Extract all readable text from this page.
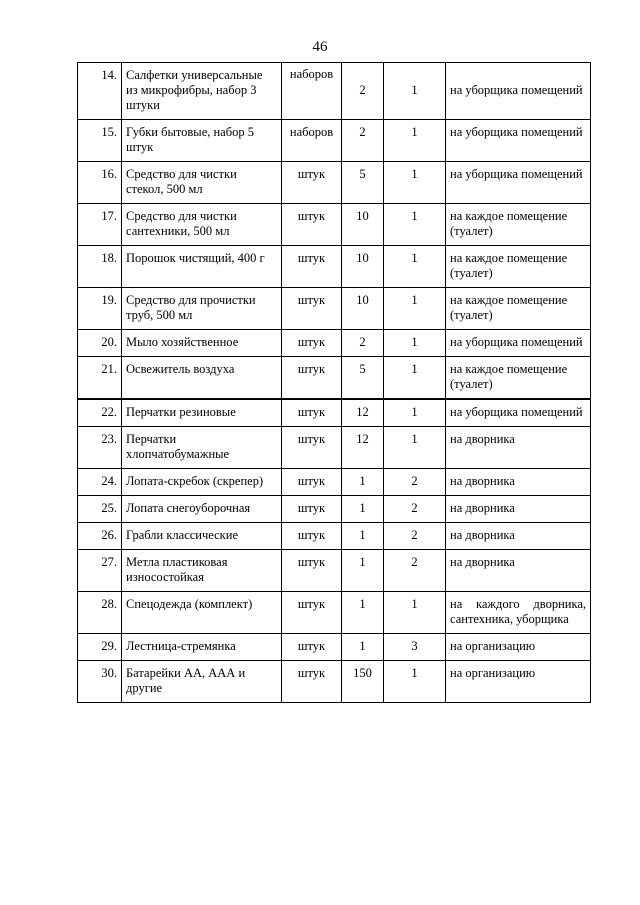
46
14.	Салфетки универсальные из микрофибры, набор 3 штуки	наборов	2	1	на уборщика помещений
15.	Губки бытовые, набор 5 штук	наборов	2	1	на уборщика помещений
16.	Средство для чистки стекол, 500 мл	штук	5	1	на уборщика помещений
17.	Средство для чистки сантехники, 500 мл	штук	10	1	на каждое помещение (туалет)
18.	Порошок чистящий, 400 г	штук	10	1	на каждое помещение (туалет)
19.	Средство для прочистки труб, 500 мл	штук	10	1	на каждое помещение (туалет)
20.	Мыло хозяйственное	штук	2	1	на уборщика помещений
21.	Освежитель воздуха	штук	5	1	на каждое помещение (туалет)
22.	Перчатки резиновые	штук	12	1	на уборщика помещений
23.	Перчатки хлопчатобумажные	штук	12	1	на дворника
24.	Лопата-скребок (скрепер)	штук	1	2	на дворника
25.	Лопата снегоуборочная	штук	1	2	на дворника
26.	Грабли классические	штук	1	2	на дворника
27.	Метла пластиковая износостойкая	штук	1	2	на дворника
28.	Спецодежда (комплект)	штук	1	1	на каждого дворника, сантехника, уборщика
29.	Лестница-стремянка	штук	1	3	на организацию
30.	Батарейки АА, ААА и другие	штук	150	1	на организацию
